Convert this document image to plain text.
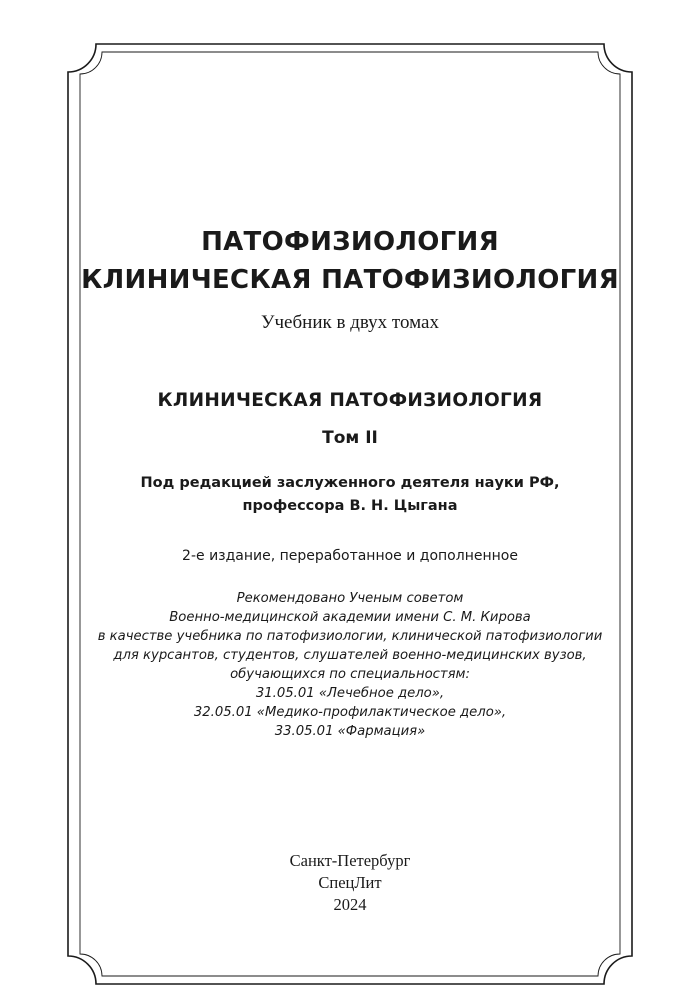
ПАТОФИЗИОЛОГИЯ
КЛИНИЧЕСКАЯ ПАТОФИЗИОЛОГИЯ
Учебник в двух томах
КЛИНИЧЕСКАЯ ПАТОФИЗИОЛОГИЯ
Том II
Под редакцией заслуженного деятеля науки РФ,
профессора В. Н. Цыгана
2-е издание, переработанное и дополненное
Рекомендовано Ученым советом
Военно-медицинской академии имени С. М. Кирова
в качестве учебника по патофизиологии, клинической патофизиологии
для курсантов, студентов, слушателей военно-медицинских вузов,
обучающихся по специальностям:
31.05.01 «Лечебное дело»,
32.05.01 «Медико-профилактическое дело»,
33.05.01 «Фармация»
Санкт-Петербург
СпецЛит
2024
